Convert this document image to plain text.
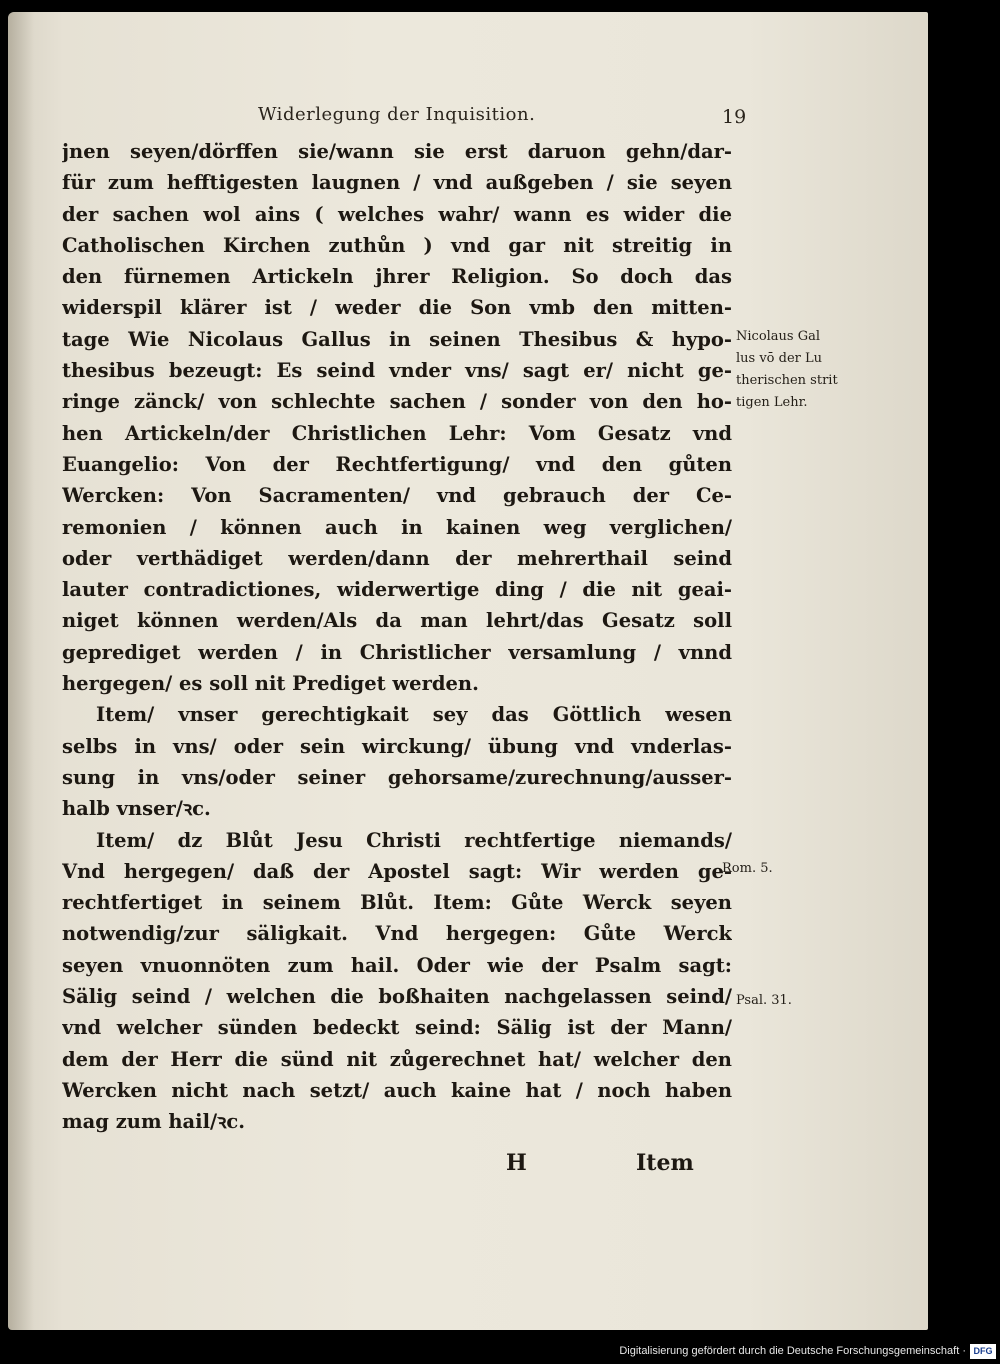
Widerlegung der Inquisition.	19
jnen seyen/dörffen sie/wann sie erst daruon gehn/dar-
für zum hefftigesten laugnen / vnd außgeben / sie seyen
der sachen wol ains ( welches wahr/ wann es wider die
Catholischen Kirchen zuthůn ) vnd gar nit streitig in
den fürnemen Artickeln jhrer Religion. So doch das
widerspil klärer ist / weder die Son vmb den mitten-
tage Wie Nicolaus Gallus in seinen Thesibus & hypo-
thesibus bezeugt: Es seind vnder vns/ sagt er/ nicht ge-
ringe zänck/ von schlechte sachen / sonder von den ho-
hen Artickeln/der Christlichen Lehr: Vom Gesatz vnd
Euangelio: Von der Rechtfertigung/ vnd den gůten
Wercken: Von Sacramenten/ vnd gebrauch der Ce-
remonien / können auch in kainen weg verglichen/
oder verthädiget werden/dann der mehrerthail seind
lauter contradictiones, widerwertige ding / die nit geai-
niget können werden/Als da man lehrt/das Gesatz soll
geprediget werden / in Christlicher versamlung / vnnd
hergegen/ es soll nit Prediget werden.
Item/ vnser gerechtigkait sey das Göttlich wesen
selbs in vns/ oder sein wirckung/ übung vnd vnderlas-
sung in vns/oder seiner gehorsame/zurechnung/ausser-
halb vnser/ꝛc.
Item/ dz Blůt Jesu Christi rechtfertige niemands/
Vnd hergegen/ daß der Apostel sagt: Wir werden ge-
rechtfertiget in seinem Blůt. Item: Gůte Werck seyen
notwendig/zur säligkait. Vnd hergegen: Gůte Werck
seyen vnuonnöten zum hail. Oder wie der Psalm sagt:
Sälig seind / welchen die boßhaiten nachgelassen seind/
vnd welcher sünden bedeckt seind: Sälig ist der Mann/
dem der Herr die sünd nit zůgerechnet hat/ welcher den
Wercken nicht nach setzt/ auch kaine hat / noch haben
mag zum hail/ꝛc.
Nicolaus Gal
lus vō der Lu
therischen strit
tigen Lehr.
Rom. 5.
Psal. 31.
H	Item
Digitalisierung gefördert durch die Deutsche Forschungsgemeinschaft · DFG
